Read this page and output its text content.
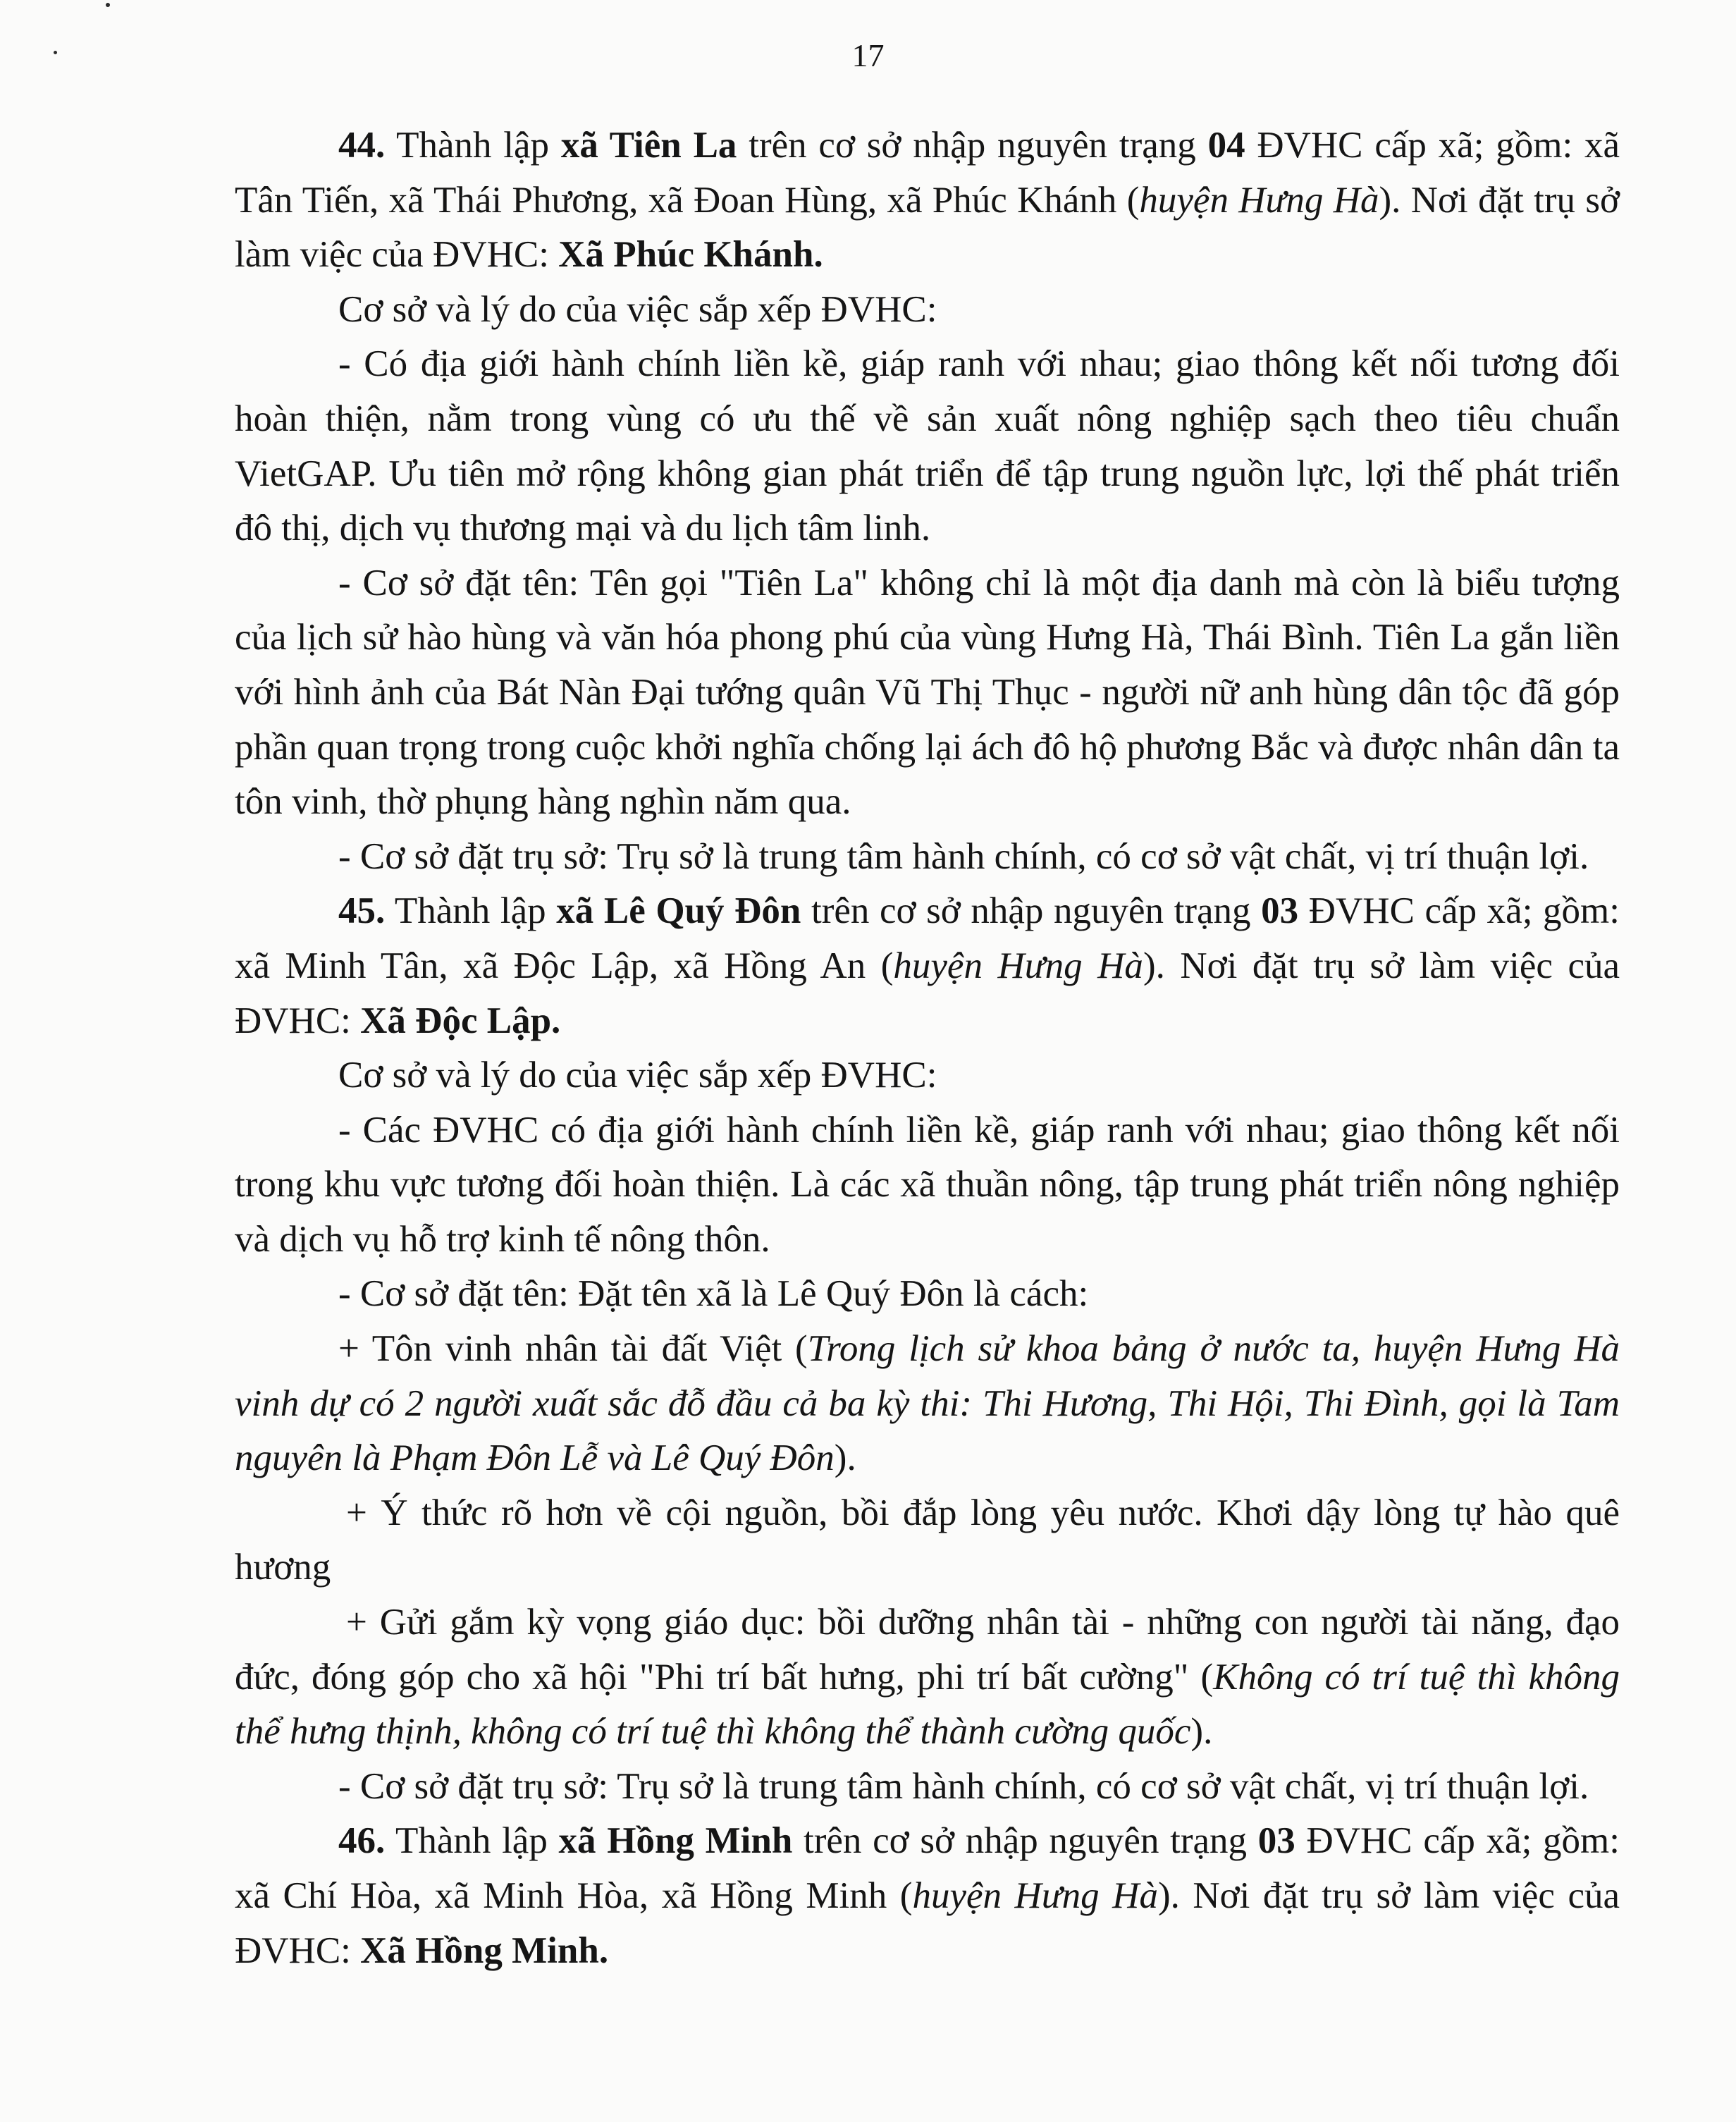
17

44. Thành lập xã Tiên La trên cơ sở nhập nguyên trạng 04 ĐVHC cấp xã; gồm: xã Tân Tiến, xã Thái Phương, xã Đoan Hùng, xã Phúc Khánh (huyện Hưng Hà). Nơi đặt trụ sở làm việc của ĐVHC: Xã Phúc Khánh.

Cơ sở và lý do của việc sắp xếp ĐVHC:

- Có địa giới hành chính liền kề, giáp ranh với nhau; giao thông kết nối tương đối hoàn thiện, nằm trong vùng có ưu thế về sản xuất nông nghiệp sạch theo tiêu chuẩn VietGAP. Ưu tiên mở rộng không gian phát triển để tập trung nguồn lực, lợi thế phát triển đô thị, dịch vụ thương mại và du lịch tâm linh.

- Cơ sở đặt tên: Tên gọi "Tiên La" không chỉ là một địa danh mà còn là biểu tượng của lịch sử hào hùng và văn hóa phong phú của vùng Hưng Hà, Thái Bình. Tiên La gắn liền với hình ảnh của Bát Nàn Đại tướng quân Vũ Thị Thục - người nữ anh hùng dân tộc đã góp phần quan trọng trong cuộc khởi nghĩa chống lại ách đô hộ phương Bắc và được nhân dân ta tôn vinh, thờ phụng hàng nghìn năm qua.

- Cơ sở đặt trụ sở: Trụ sở là trung tâm hành chính, có cơ sở vật chất, vị trí thuận lợi.

45. Thành lập xã Lê Quý Đôn trên cơ sở nhập nguyên trạng 03 ĐVHC cấp xã; gồm: xã Minh Tân, xã Độc Lập, xã Hồng An (huyện Hưng Hà). Nơi đặt trụ sở làm việc của ĐVHC: Xã Độc Lập.

Cơ sở và lý do của việc sắp xếp ĐVHC:

- Các ĐVHC có địa giới hành chính liền kề, giáp ranh với nhau; giao thông kết nối trong khu vực tương đối hoàn thiện. Là các xã thuần nông, tập trung phát triển nông nghiệp và dịch vụ hỗ trợ kinh tế nông thôn.

- Cơ sở đặt tên: Đặt tên xã là Lê Quý Đôn là cách:

+ Tôn vinh nhân tài đất Việt (Trong lịch sử khoa bảng ở nước ta, huyện Hưng Hà vinh dự có 2 người xuất sắc đỗ đầu cả ba kỳ thi: Thi Hương, Thi Hội, Thi Đình, gọi là Tam nguyên là Phạm Đôn Lễ và Lê Quý Đôn).

+ Ý thức rõ hơn về cội nguồn, bồi đắp lòng yêu nước. Khơi dậy lòng tự hào quê hương

+ Gửi gắm kỳ vọng giáo dục: bồi dưỡng nhân tài - những con người tài năng, đạo đức, đóng góp cho xã hội "Phi trí bất hưng, phi trí bất cường" (Không có trí tuệ thì không thể hưng thịnh, không có trí tuệ thì không thể thành cường quốc).

- Cơ sở đặt trụ sở: Trụ sở là trung tâm hành chính, có cơ sở vật chất, vị trí thuận lợi.

46. Thành lập xã Hồng Minh trên cơ sở nhập nguyên trạng 03 ĐVHC cấp xã; gồm: xã Chí Hòa, xã Minh Hòa, xã Hồng Minh (huyện Hưng Hà). Nơi đặt trụ sở làm việc của ĐVHC: Xã Hồng Minh.
